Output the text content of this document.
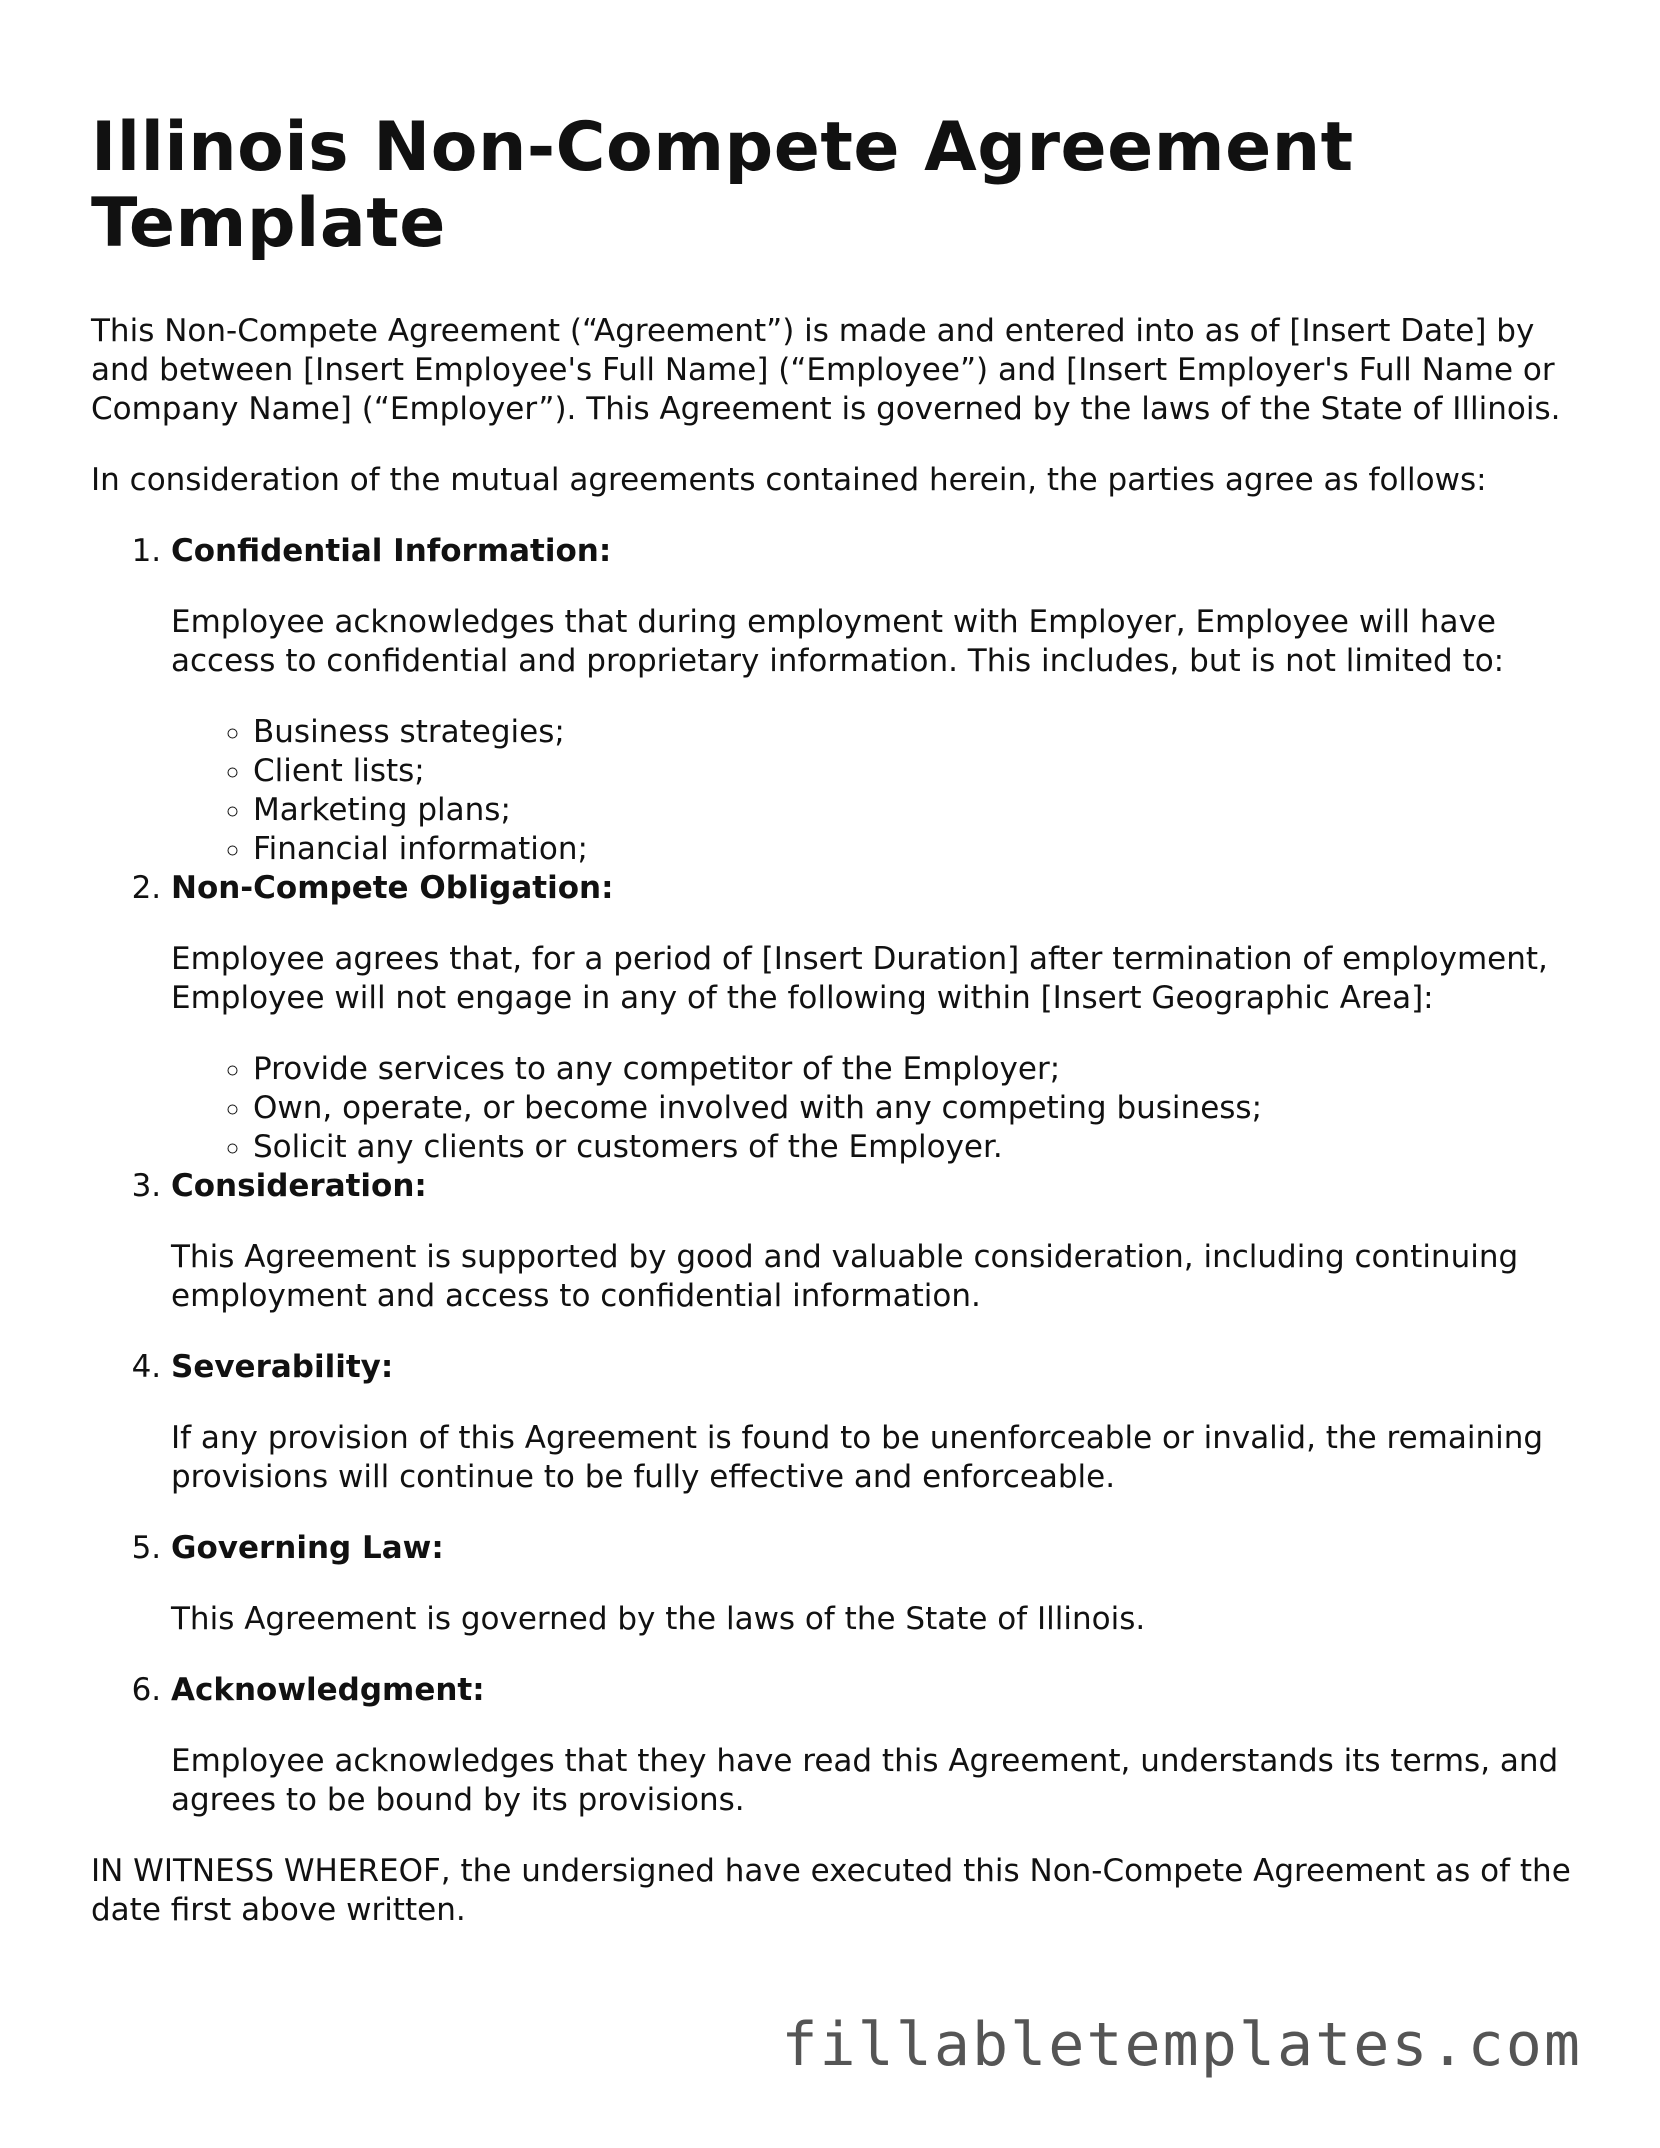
Illinois Non-Compete Agreement Template

This Non-Compete Agreement (“Agreement”) is made and entered into as of [Insert Date] by and between [Insert Employee's Full Name] (“Employee”) and [Insert Employer's Full Name or Company Name] (“Employer”). This Agreement is governed by the laws of the State of Illinois.

In consideration of the mutual agreements contained herein, the parties agree as follows:

1. Confidential Information:

Employee acknowledges that during employment with Employer, Employee will have access to confidential and proprietary information. This includes, but is not limited to:

◦ Business strategies;
◦ Client lists;
◦ Marketing plans;
◦ Financial information;
2. Non-Compete Obligation:

Employee agrees that, for a period of [Insert Duration] after termination of employment, Employee will not engage in any of the following within [Insert Geographic Area]:

◦ Provide services to any competitor of the Employer;
◦ Own, operate, or become involved with any competing business;
◦ Solicit any clients or customers of the Employer.
3. Consideration:

This Agreement is supported by good and valuable consideration, including continuing employment and access to confidential information.

4. Severability:

If any provision of this Agreement is found to be unenforceable or invalid, the remaining provisions will continue to be fully effective and enforceable.

5. Governing Law:

This Agreement is governed by the laws of the State of Illinois.

6. Acknowledgment:

Employee acknowledges that they have read this Agreement, understands its terms, and agrees to be bound by its provisions.

IN WITNESS WHEREOF, the undersigned have executed this Non-Compete Agreement as of the date first above written.

fillabletemplates.com
